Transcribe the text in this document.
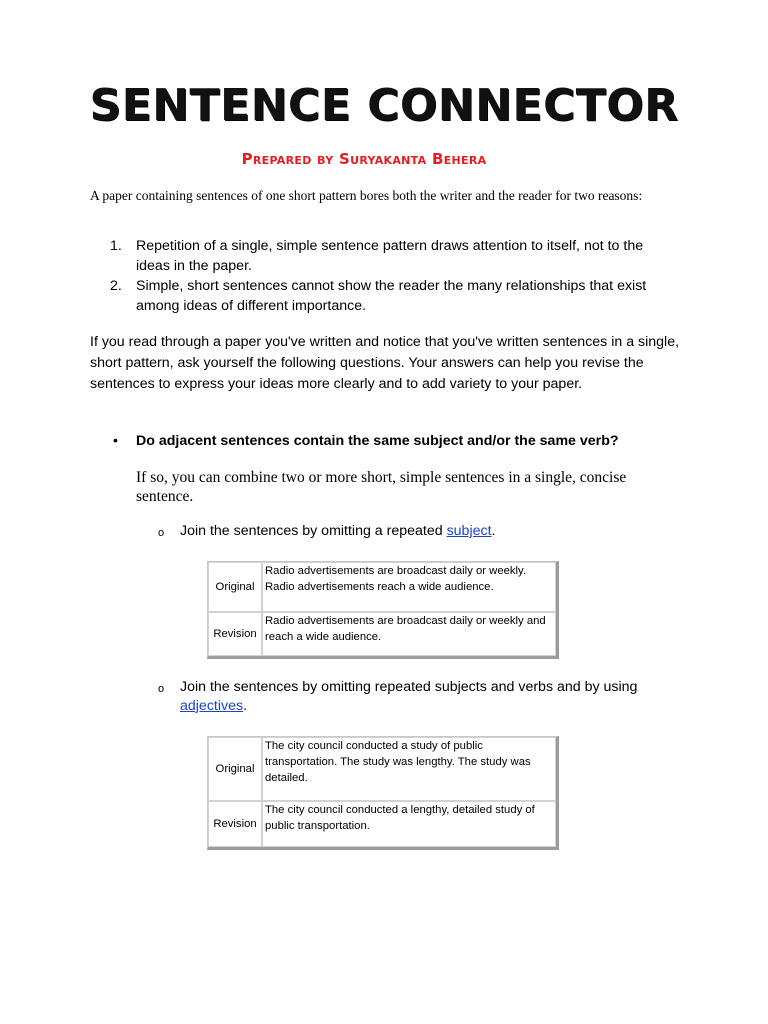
SENTENCE CONNECTOR
Prepared by Suryakanta Behera
A paper containing sentences of one short pattern bores both the writer and the reader for two reasons:
1. Repetition of a single, simple sentence pattern draws attention to itself, not to the ideas in the paper.
2. Simple, short sentences cannot show the reader the many relationships that exist among ideas of different importance.
If you read through a paper you've written and notice that you've written sentences in a single, short pattern, ask yourself the following questions. Your answers can help you revise the sentences to express your ideas more clearly and to add variety to your paper.
• Do adjacent sentences contain the same subject and/or the same verb?
If so, you can combine two or more short, simple sentences in a single, concise sentence.
o Join the sentences by omitting a repeated subject.
Original	Radio advertisements are broadcast daily or weekly. Radio advertisements reach a wide audience.
Revision	Radio advertisements are broadcast daily or weekly and reach a wide audience.
o Join the sentences by omitting repeated subjects and verbs and by using adjectives.
Original	The city council conducted a study of public transportation. The study was lengthy. The study was detailed.
Revision	The city council conducted a lengthy, detailed study of public transportation.
